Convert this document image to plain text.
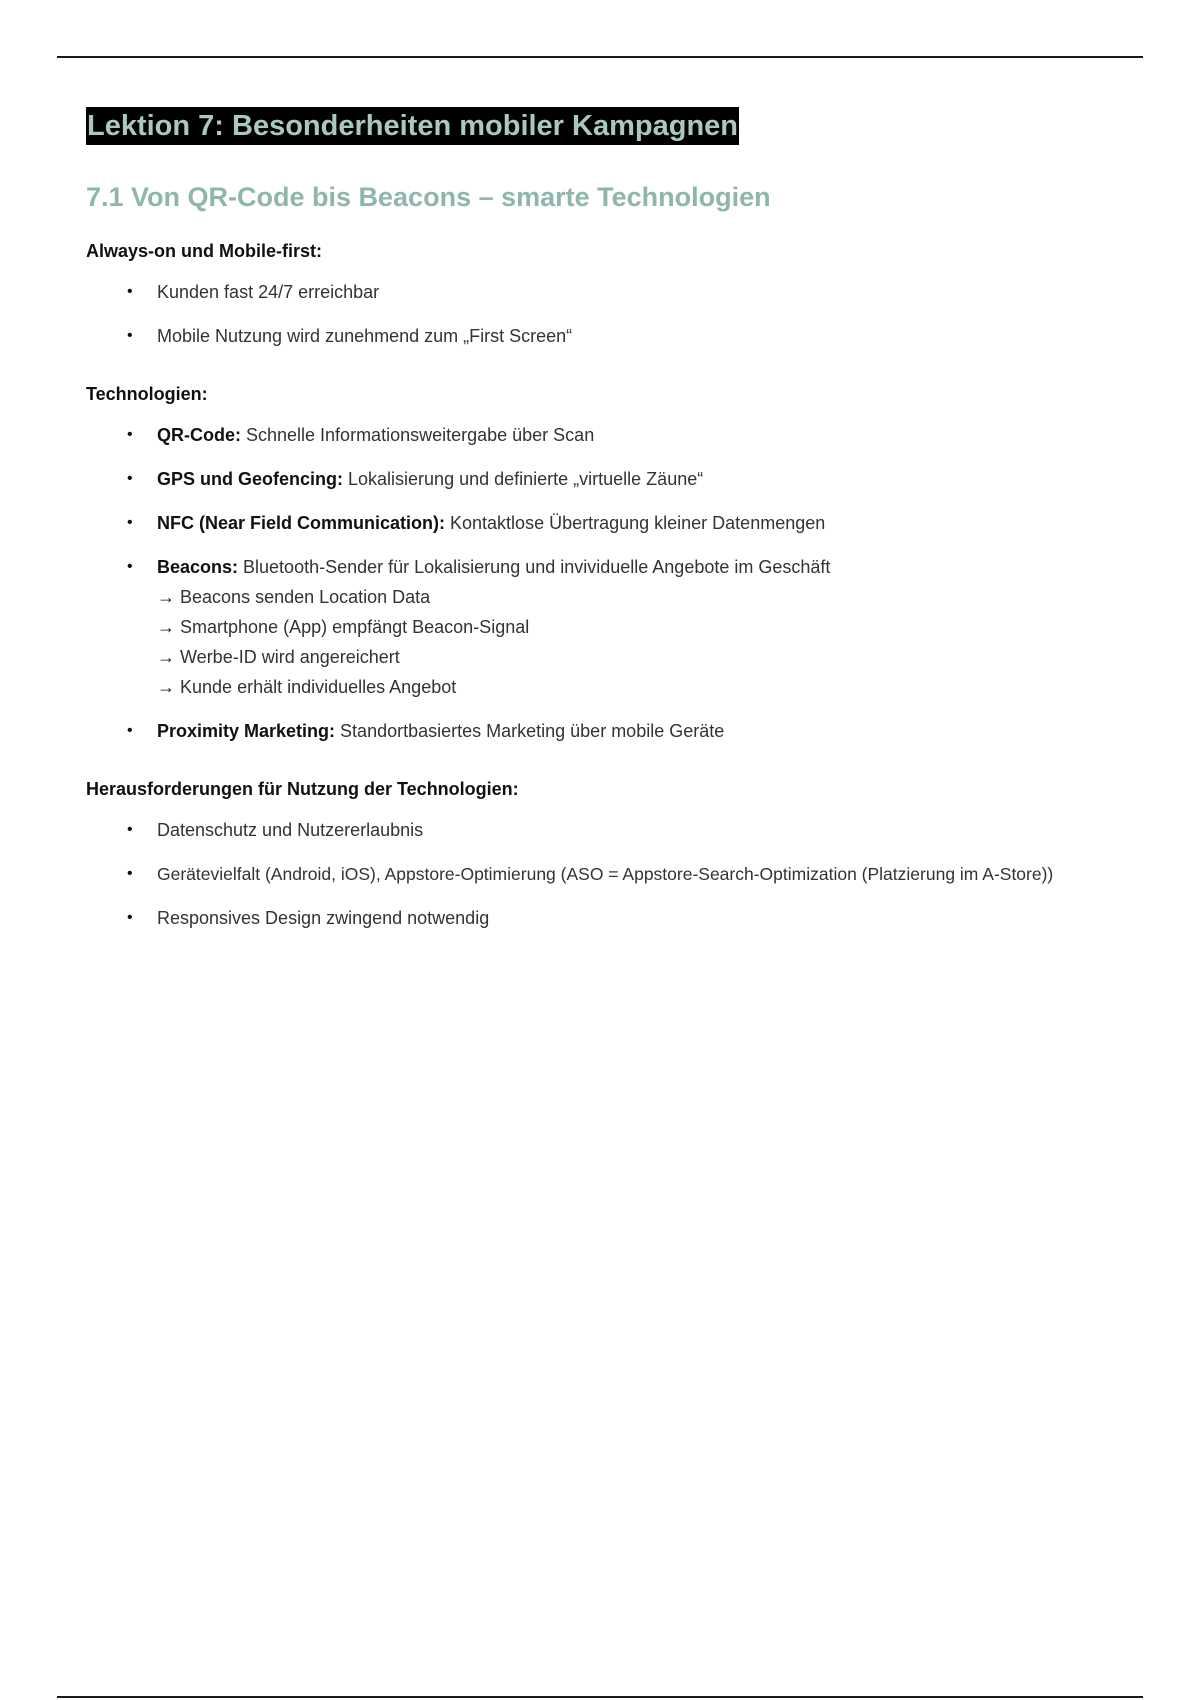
Lektion 7: Besonderheiten mobiler Kampagnen
7.1 Von QR-Code bis Beacons – smarte Technologien

Always-on und Mobile-first:

• Kunden fast 24/7 erreichbar
• Mobile Nutzung wird zunehmend zum „First Screen“

Technologien:

• QR-Code: Schnelle Informationsweitergabe über Scan
• GPS und Geofencing: Lokalisierung und definierte „virtuelle Zäune“
• NFC (Near Field Communication): Kontaktlose Übertragung kleiner Datenmengen
• Beacons: Bluetooth-Sender für Lokalisierung und invividuelle Angebote im Geschäft
→ Beacons senden Location Data
→ Smartphone (App) empfängt Beacon-Signal
→ Werbe-ID wird angereichert
→ Kunde erhält individuelles Angebot
• Proximity Marketing: Standortbasiertes Marketing über mobile Geräte

Herausforderungen für Nutzung der Technologien:

• Datenschutz und Nutzererlaubnis
• Gerätevielfalt (Android, iOS), Appstore-Optimierung (ASO = Appstore-Search-Optimization (Platzierung im A-Store))
• Responsives Design zwingend notwendig
